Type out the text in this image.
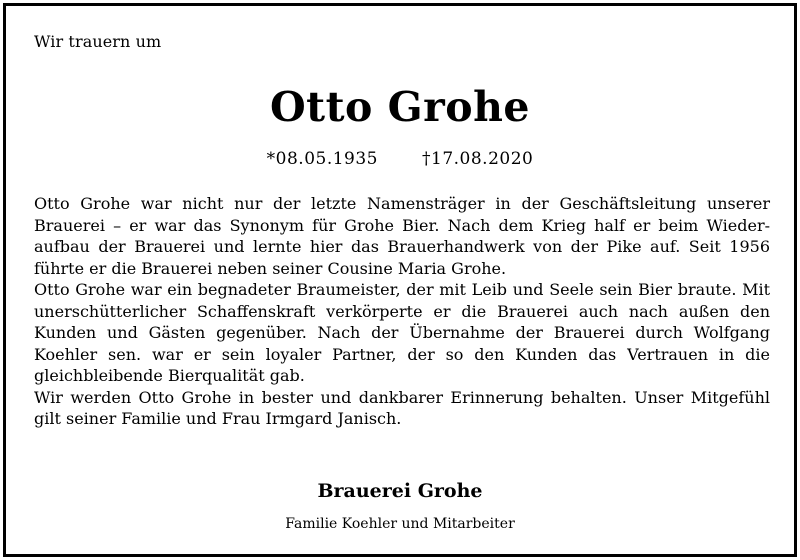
Wir trauern um
Otto Grohe
*08.05.1935	†17.08.2020

Otto Grohe war nicht nur der letzte Namensträger in der Geschäftsleitung unserer Brauerei – er war das Synonym für Grohe Bier. Nach dem Krieg half er beim Wiederaufbau der Brauerei und lernte hier das Brauerhandwerk von der Pike auf. Seit 1956 führte er die Brauerei neben seiner Cousine Maria Grohe.

Otto Grohe war ein begnadeter Braumeister, der mit Leib und Seele sein Bier braute. Mit unerschütterlicher Schaffenskraft verkörperte er die Brauerei auch nach außen den Kunden und Gästen gegenüber. Nach der Übernahme der Brauerei durch Wolfgang Koehler sen. war er sein loyaler Partner, der so den Kunden das Vertrauen in die gleichbleibende Bierqualität gab.

Wir werden Otto Grohe in bester und dankbarer Erinnerung behalten. Unser Mitgefühl gilt seiner Familie und Frau Irmgard Janisch.

Brauerei Grohe
Familie Koehler und Mitarbeiter
